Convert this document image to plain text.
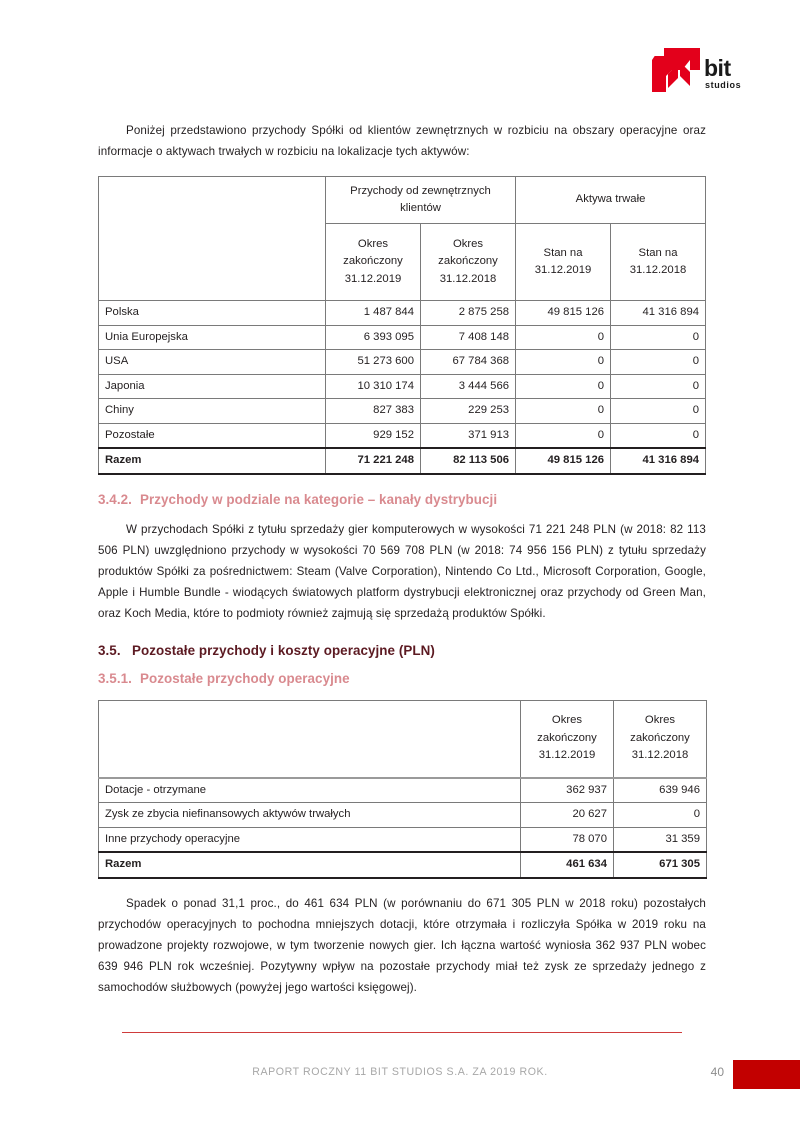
bit
studios

Poniżej przedstawiono przychody Spółki od klientów zewnętrznych w rozbiciu na obszary operacyjne oraz informacje o aktywach trwałych w rozbiciu na lokalizacje tych aktywów:

	Przychody od zewnętrznych klientów		Aktywa trwałe	
	Okres
zakończony
31.12.2019	Okres
zakończony
31.12.2018	Stan na
31.12.2019	Stan na
31.12.2018
Polska	1 487 844	2 875 258	49 815 126	41 316 894
Unia Europejska	6 393 095	7 408 148	0	0
USA	51 273 600	67 784 368	0	0
Japonia	10 310 174	3 444 566	0	0
Chiny	827 383	229 253	0	0
Pozostałe	929 152	371 913	0	0
Razem	71 221 248	82 113 506	49 815 126	41 316 894
3.4.2. Przychody w podziale na kategorie – kanały dystrybucji

W przychodach Spółki z tytułu sprzedaży gier komputerowych w wysokości 71 221 248 PLN (w 2018: 82 113 506 PLN) uwzględniono przychody w wysokości 70 569 708 PLN (w 2018: 74 956 156 PLN) z tytułu sprzedaży produktów Spółki za pośrednictwem: Steam (Valve Corporation), Nintendo Co Ltd., Microsoft Corporation, Google, Apple i Humble Bundle - wiodących światowych platform dystrybucji elektronicznej oraz przychody od Green Man, oraz Koch Media, które to podmioty również zajmują się sprzedażą produktów Spółki.

3.5. Pozostałe przychody i koszty operacyjne (PLN)
3.5.1. Pozostałe przychody operacyjne
	Okres
zakończony
31.12.2019	Okres
zakończony
31.12.2018
Dotacje - otrzymane	362 937	639 946
Zysk ze zbycia niefinansowych aktywów trwałych	20 627	0
Inne przychody operacyjne	78 070	31 359
Razem	461 634	671 305

Spadek o ponad 31,1 proc., do 461 634 PLN (w porównaniu do 671 305 PLN w 2018 roku) pozostałych przychodów operacyjnych to pochodna mniejszych dotacji, które otrzymała i rozliczyła Spółka w 2019 roku na prowadzone projekty rozwojowe, w tym tworzenie nowych gier. Ich łączna wartość wyniosła 362 937 PLN wobec 639 946 PLN rok wcześniej. Pozytywny wpływ na pozostałe przychody miał też zysk ze sprzedaży jednego z samochodów służbowych (powyżej jego wartości księgowej).

RAPORT ROCZNY 11 BIT STUDIOS S.A. ZA 2019 ROK.	40
